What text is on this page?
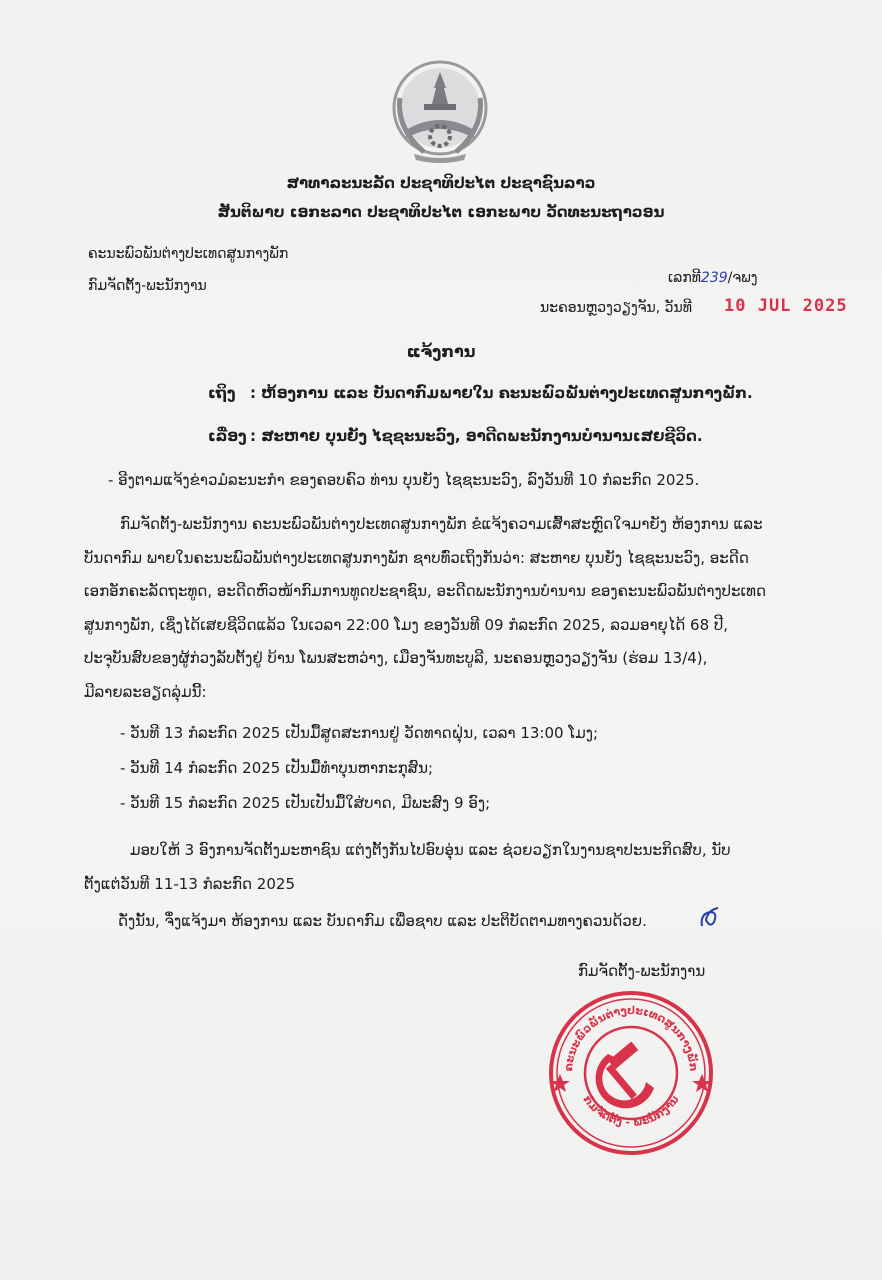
ສາທາລະນະລັດ ປະຊາທິປະໄຕ ປະຊາຊົນລາວ
ສັນຕິພາບ ເອກະລາດ ປະຊາທິປະໄຕ ເອກະພາບ ວັດທະນະຖາວອນ
ຄະນະພົວພັນຕ່າງປະເທດສູນກາງພັກ
ກົມຈັດຕັ້ງ-ພະນັກງານ	ເລກທີ239/ຈພງ
ນະຄອນຫຼວງວຽງຈັນ, ວັນທີ 10 JUL 2025
ແຈ້ງການ
ເຖິງ : ຫ້ອງການ ແລະ ບັນດາກົມພາຍໃນ ຄະນະພົວພັນຕ່າງປະເທດສູນກາງພັກ.
ເລື່ອງ : ສະຫາຍ ບຸນຍັງ ໄຊຊະນະວົງ, ອາດີດພະນັກງານບໍານານເສຍຊີວິດ.
- ອີງຕາມແຈ້ງຂ່າວມໍລະນະກໍາ ຂອງຄອບຄົວ ທ່ານ ບຸນຍັງ ໄຊຊະນະວົງ, ລົງວັນທີ 10 ກໍລະກົດ 2025.
ກົມຈັດຕັ້ງ-ພະນັກງານ ຄະນະພົວພັນຕ່າງປະເທດສູນກາງພັກ ຂໍແຈ້ງຄວາມເສົ້າສະຫຼົດໃຈມາຍັງ ຫ້ອງການ ແລະ
ບັນດາກົມ ພາຍໃນຄະນະພົວພັນຕ່າງປະເທດສູນກາງພັກ ຊາບທົ່ວເຖິງກັນວ່າ: ສະຫາຍ ບຸນຍັງ ໄຊຊະນະວົງ, ອະດີດ
ເອກອັກຄະລັດຖະທູດ, ອະດີດຫົວໜ້າກົມການທູດປະຊາຊົນ, ອະດີດພະນັກງານບໍານານ ຂອງຄະນະພົວພັນຕ່າງປະເທດ
ສູນກາງພັກ, ເຊິ່ງໄດ້ເສຍຊີວິດແລ້ວ ໃນເວລາ 22:00 ໂມງ ຂອງວັນທີ 09 ກໍລະກົດ 2025, ລວມອາຍຸໄດ້ 68 ປີ,
ປະຈຸບັນສົບຂອງຜູ້ກ່ວງລັບຕັ້ງຢູ່ ບ້ານ ໂພນສະຫວ່າງ, ເມືອງຈັນທະບູລີ, ນະຄອນຫຼວງວຽງຈັນ (ຮ່ອມ 13/4),
ມີລາຍລະອຽດລຸ່ມນີ້:
- ວັນທີ 13 ກໍລະກົດ 2025 ເປັນມື້ສູດສະການຢູ່ ວັດທາດຝຸ່ນ, ເວລາ 13:00 ໂມງ;
- ວັນທີ 14 ກໍລະກົດ 2025 ເປັນມື້ທໍາບຸນຫາກະກຸສົນ;
- ວັນທີ 15 ກໍລະກົດ 2025 ເປັນເປັນມື້ໃສ່ບາດ, ມີພະສົງ 9 ອົງ;
ມອບໃຫ້ 3 ອົງການຈັດຕັ້ງມະຫາຊົນ ແຕ່ງຕັ້ງກັນໄປອົບອຸ່ນ ແລະ ຊ່ວຍວຽກໃນງານຊາປະນະກິດສົບ, ນັບ
ຕັ້ງແຕ່ວັນທີ 11-13 ກໍລະກົດ 2025
ດັ່ງນັ້ນ, ຈຶ່ງແຈ້ງມາ ຫ້ອງການ ແລະ ບັນດາກົມ ເພື່ອຊາບ ແລະ ປະຕິບັດຕາມທາງຄວນດ້ວຍ.
ກົມຈັດຕັ້ງ-ພະນັກງານ
ຄະນະພົວພັນຕ່າງປະເທດສູນກາງພັກ
ກົມຈັດຕັ້ງ - ພະນັກງານ
